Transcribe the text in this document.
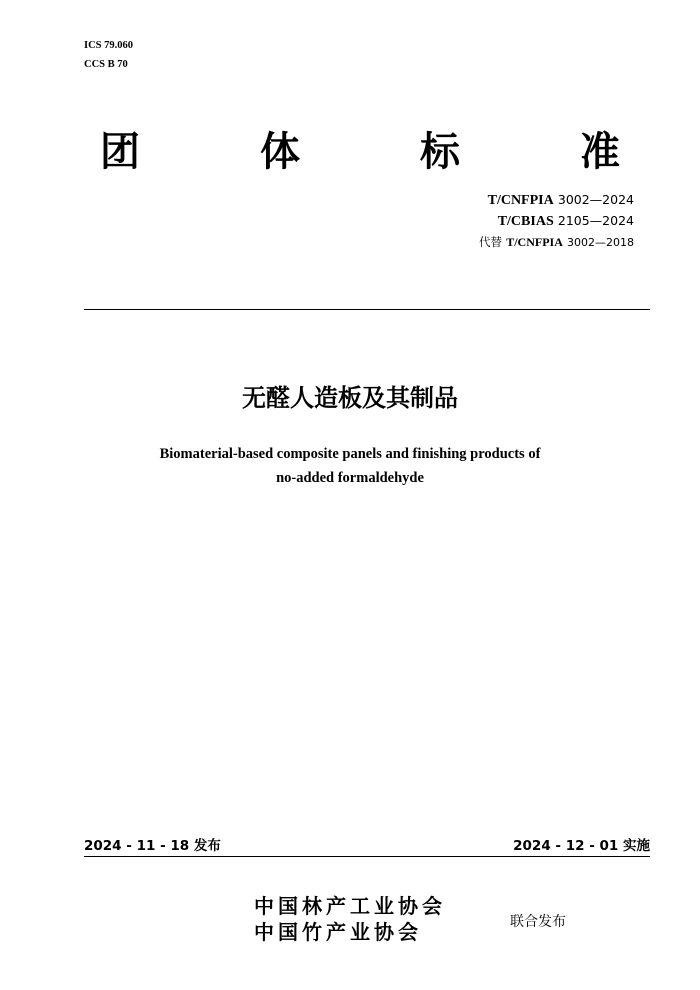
ICS 79.060
CCS B 70
团	体	标	准
T/CNFPIA 3002—2024
T/CBIAS 2105—2024
代替 T/CNFPIA 3002—2018
无醛人造板及其制品
Biomaterial-based composite panels and finishing products of
no-added formaldehyde
2024 - 11 - 18 发布	2024 - 12 - 01 实施
中国林产工业协会
中国竹产业协会	联合发布
